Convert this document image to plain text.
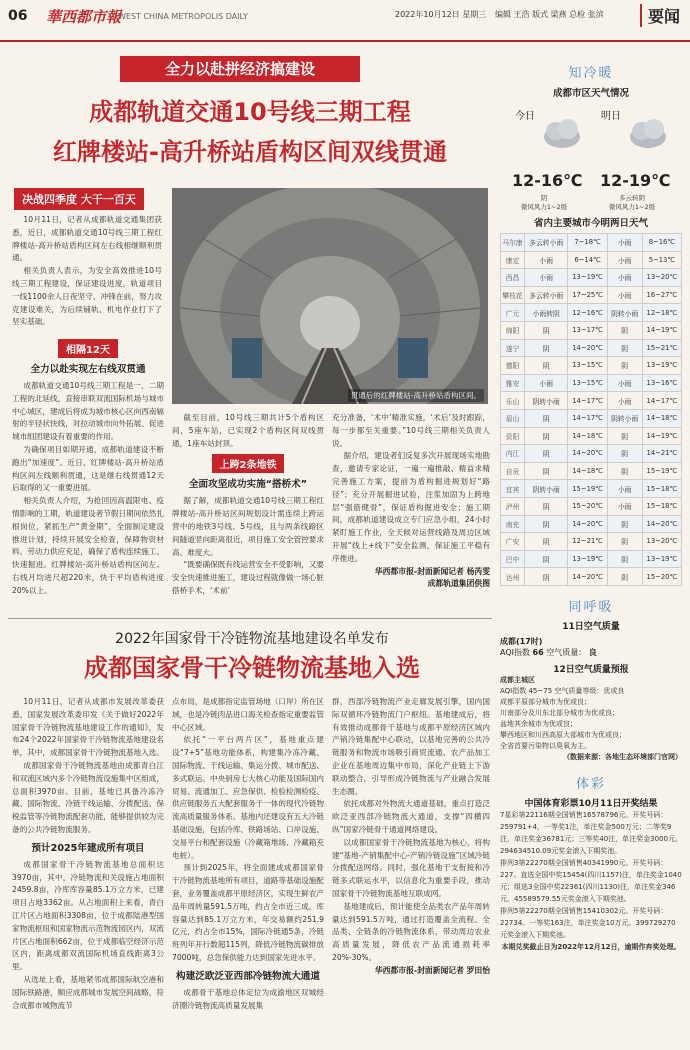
06 華西都市報
WEST CHINA METROPOLIS DAILY	2022年10月12日 星期三 编辑 王浩 版式 梁燕 总检 张滨	要闻
全力以赴拼经济搞建设
成都轨道交通10号线三期工程
红牌楼站-高升桥站盾构区间双线贯通
决战四季度 大干一百天

10月11日，记者从成都轨道交通集团获悉，近日，成都轨道交通10号线三期工程红牌楼站-高升桥站盾构区间左右线相继顺利贯通。

相关负责人表示，为安全高效推进10号线三期工程建设，保证建设进度，轨道项目一线1100余人日夜坚守、冲锋在前，努力攻克建设难关，为后续铺轨、机电作业打下了坚实基础。

贯通后的红牌楼站-高升桥站盾构区间。
相隔12天
全力以赴实现左右线双贯通

成都轨道交通10号线三期工程是一、二期工程的北延线，直接串联双流国际机场与城市中心城区，建成后将成为城市核心区向西南辐射的半径状快线，对拉动城市向外拓展、促进城市组团建设有着重要的作用。

为确保项目如期开通，成都轨道建设不断跑出“加速度”。近日，红牌楼站-高升桥站盾构区间左线顺利贯通，这是继右线贯通12天后取得的又一重要进展。

相关负责人介绍，为抢回因高温限电、疫情影响的工期，轨道建设者节假日期间依然扎根岗位，紧抓生产“黄金期”，全面制定建设推进计划，持续开展安全检查，保障物资材料、劳动力供应充足，确保了盾构连续施工、快速掘进。红牌楼站-高升桥站盾构区间左、右线月均进尺超220米，快于平均盾构进度20%以上。

截至目前，10号线三期共计5个盾构区间，5座车站，已实现2个盾构区间双线贯通，1座车站封顶。

上跨2条地铁
全面攻坚成功实施“搭桥术”

据了解，成都轨道交通10号线三期工程红牌楼站-高升桥站区间规划设计需连续上跨运营中的地铁3号线、5号线，且与两条线路区间隧道竖向距离很近，项目施工安全管控要求高、难度大。

“既要确保既有线运营安全不受影响，又要安全快速推进施工，建设过程就像做一场心脏搭桥手术，‘术前’

充分准备，‘术中’精准实施，‘术后’及时跟踪，每一步都至关重要。”10号线三期相关负责人说。

据介绍，建设者们反复多次开展现场实地勘查，邀请专家论证，一遍一遍推敲、精益求精完善施工方案，提前为盾构掘进规划好“路径”；充分开展掘进试验，注浆加固为上跨地层“强筋健骨”，保证盾构掘进安全；施工期间，成都轨道建设成立专门应急小组，24小时紧盯施工作业，全天候对运营线路及周边区域开展“线上+线下”安全监测，保证施工平稳有序推进。

华西都市报-封面新闻记者 杨芮雯
成都轨道集团供图
2022年国家骨干冷链物流基地建设名单发布
成都国家骨干冷链物流基地入选

10月11日，记者从成都市发展改革委获悉，国家发展改革委印发《关于做好2022年国家骨干冷链物流基地建设工作的通知》，发布24个2022年国家骨干冷链物流基地建设名单，其中，成都国家骨干冷链物流基地入选。

成都国家骨干冷链物流基地由成都青白江和双流区域内多个冷链物流设施集中区组成，总面积3970亩。目前，基地已具备冷冻冷藏、国际物流、冷链干线运输、分拨配送、保税监管等冷链物流配套功能，能够提供较为完备的公共冷链物流服务。

预计2025年建成所有项目

成都国家骨干冷链物流基地总面积达3970亩，其中，冷链物流和关设施占地面积2459.8亩，冷库库容量85.1万立方米，已建项目占地3362亩。从占地面积上来看，青白江片区占地面积3308亩，位于成都陆港型国家物流枢纽和国家物流示范物流园区内，双流片区占地面积662亩，位于成都临空经济示范区内，距离成都双流国际机场直线距离3公里。

从选址上看，基地紧邻成都国际航空港和国际铁路港，顺应成都城市发展空间战略，符合成都市城物流节

点布局，是成都指定监管场地（口岸）所在区域，也是冷链肉品进口海关检查指定重要监管中心区域。

依托“一平台两片区”，基地重点建设“7+5”基地功能体系，构建集冷冻冷藏、国际物流、干线运输、集运分拨、城市配送、多式联运、中央厨房七大核心功能及国际国内贸易、流通加工、应急保供、检验检测检疫、供应链服务五大配套服务于一体的现代冷链物流高质量服务体系。基地内还建设有五大冷链基础设施，包括冷库、铁路场站、口岸设施、交易平台和配套设施（冷藏箱堆场、冷藏箱充电桩）。

预计到2025年，将全面建成成都国家骨干冷链物流基地所有项目，道路等基础设施配套，业务覆盖成都平原经济区，实现生鲜农产品年周转量591.5万吨，约占全市近三成，库容量达到85.1万立方米，年交易额约251.9亿元，约占全市15%，国际冷链通5条，冷链班列年开行数超115列，降低冷链物流碳排放7000吨，总急保供能力达到国家先进水平。

构建泛欧泛亚西部冷链物流大通道

成都骨干基地总体定位为成渝地区双城经济圈冷链物流高质量发展集

群，西部冷链物流产业走廊发展引擎，国内国际双循环冷链物流门户枢纽。基地建成后，将有效推动成都骨干基地与成都平原经济区域内产销冷链集配中心联动，以基地完善的公共冷链服务和物流市场吸引商贸流通、农产品加工企业在基地周边集中布局，深化产业链上下游联动整合，引导形成冷链物流与产业融合发展生态圈。

依托成都对外物流大通道基础，重点打造泛欧泛亚西部冷链物流大通道，支撑“四横四纵”国家冷链骨干通道网络建设。

以成都国家骨干冷链物流基地为核心，将构建“基地-产销集配中心-产销冷链设施”区域冷链分拨配送网络。同时，强化基地干支衔接和冷链多式联运水平，以信息化为重要手段，推动国家骨干冷链物流基地互联成网。

基地建成后，预计能使全品类农产品年周转量达到591.5万吨，通过打造覆盖全流程、全品类、全链条的冷链物流体系，带动周边农业高质量发展，降低农产品流通损耗率20%-30%。

华西都市报-封面新闻记者 罗田怡
知冷暖
成都市区天气情况
今日
12-16℃
阴
微风风力1~2级
明日
12-19℃
多云转阴
微风风力1~2级
省内主要城市今明两日天气
马尔康	多云转小雨	7~18℃	小雨	8~16℃
康定	小雨	6~14℃	小雨	5~13℃
西昌	小雨	13~19℃	小雨	13~20℃
攀枝花	多云转小雨	17~25℃	小雨	16~27℃
广元	小雨转阴	12~16℃	阴转小雨	12~18℃
绵阳	阴	13~17℃	阴	14~19℃
遂宁	阴	14~20℃	阴	15~21℃
德阳	阴	13~15℃	阴	13~19℃
雅安	小雨	13~15℃	小雨	13~16℃
乐山	阴转小雨	14~17℃	小雨	14~17℃
眉山	阴	14~17℃	阴转小雨	14~18℃
资阳	阴	14~18℃	阴	14~19℃
内江	阴	14~20℃	阴	14~21℃
自贡	阴	14~18℃	阴	15~19℃
宜宾	阴转小雨	15~19℃	小雨	15~18℃
泸州	阴	15~20℃	小雨	15~18℃
南充	阴	14~20℃	阴	14~20℃
广安	阴	12~21℃	阴	13~20℃
巴中	阴	13~19℃	阴	13~19℃
达州	阴	14~20℃	阴	15~20℃
同呼吸
11日空气质量
成都(17时)
AQI指数 66 空气质量： 良
12日空气质量预报
成都主城区
AQI指数 45~75 空气质量等级：优或良
成都平原部分城市为优或良；
川南部分及川东北部分城市为优或良；
盆地其余城市为优或良；
攀西地区和川西高原大部城市为优或良；
全省首要污染物以臭氧为主。
（数据来源：各地生态环境部门官网）
体彩
中国体育彩票10月11日开奖结果

7星彩第22116期全国销售16578796元。开奖号码：259791+4，一等奖1注，单注奖金500万元；二等奖9注，单注奖金36781元；三等奖40注，单注奖金3000元。294634510.09元奖金滚入下期奖池。

排列3第22270期全国销售40341990元。开奖号码：227。直选全国中奖15454(四川1157)注，单注奖金1040元；组选3全国中奖22361(四川1130)注，单注奖金346元。45589579.55元奖金滚入下期奖池。

排列5第22270期全国销售15410302元。开奖号码：22734。一等奖163注，单注奖金10万元。399729270元奖金滚入下期奖池。

本期兑奖截止日为2022年12月12日，逾期作弃奖处理。
